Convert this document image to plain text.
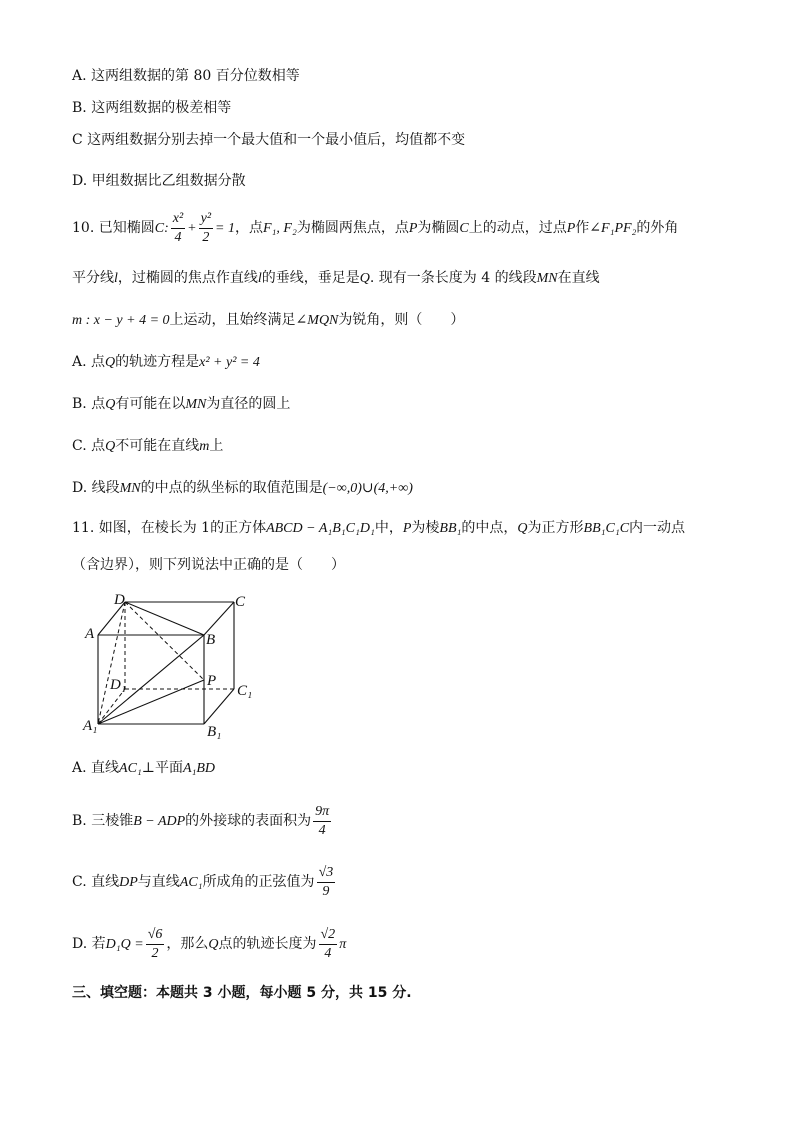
A. 这两组数据的第 80 百分位数相等
B. 这两组数据的极差相等
C 这两组数据分别去掉一个最大值和一个最小值后，均值都不变
D. 甲组数据比乙组数据分散
10. 已知椭圆C: $\frac{\text{x²}}{4} + \frac{\text{y²}}{2} = 1$，点F₁, F₂为椭圆两焦点，点P为椭圆C上的动点，过点P作∠F₁PF₂的外角
平分线l，过椭圆的焦点作直线l的垂线，垂足是Q. 现有一条长度为 4 的线段MN在直线
m : x − y + 4 = 0上运动，且始终满足∠MQN为锐角，则（　　）
A. 点Q的轨迹方程是x² + y² = 4
B. 点Q有可能在以MN为直径的圆上
C. 点Q不可能在直线m上
D. 线段MN的中点的纵坐标的取值范围是(−∞,0)∪(4,+∞)
11. 如图，在棱长为 1的正方体ABCD − A₁B₁C₁D₁中，P为棱BB₁的中点，Q为正方形BB₁C₁C内一动点
（含边界），则下列说法中正确的是（　　）
D	C
A	B
D₁	P
C₁
A₁	B₁
A. 直线AC₁⊥平面A₁BD
B. 三棱锥B − ADP的外接球的表面积为 $\frac{9\pi}{4}$
C. 直线DP与直线AC₁所成角的正弦值为 $\frac{√3}{9}$
D. 若$D_1Q = \frac{√6}{2}$ ，那么Q点的轨迹长度为 $\frac{√2}{4}$ π
三、填空题：本题共 3 小题，每小题 5 分，共 15 分.
